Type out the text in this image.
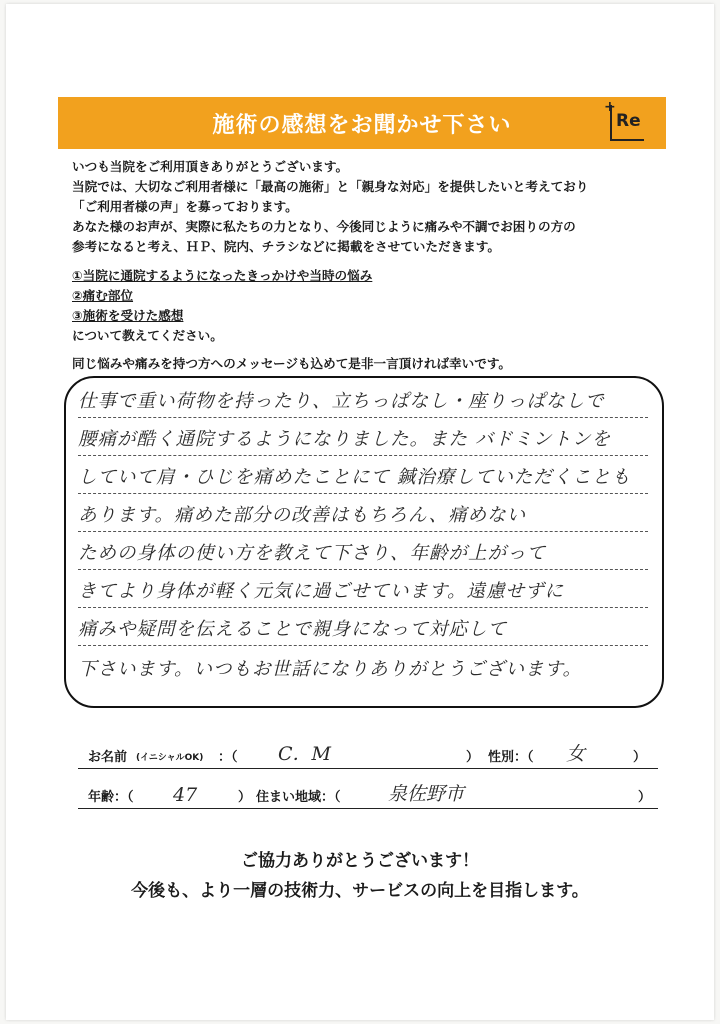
施術の感想をお聞かせ下さい
+
Re
いつも当院をご利用頂きありがとうございます。
当院では、大切なご利用者様に「最高の施術」と「親身な対応」を提供したいと考えており
「ご利用者様の声」を募っております。
あなた様のお声が、実際に私たちの力となり、今後同じように痛みや不調でお困りの方の
参考になると考え、ＨＰ、院内、チラシなどに掲載をさせていただきます。
①当院に通院するようになったきっかけや当時の悩み
②痛む部位
③施術を受けた感想
について教えてください。
同じ悩みや痛みを持つ方へのメッセージも込めて是非一言頂ければ幸いです。
仕事で重い荷物を持ったり、立ちっぱなし・座りっぱなしで
腰痛が酷く通院するようになりました。また バドミントンを
していて肩・ひじを痛めたことにて 鍼治療していただくことも
あります。痛めた部分の改善はもちろん、痛めない
ための身体の使い方を教えて下さり、年齢が上がって
きてより身体が軽く元気に過ごせています。遠慮せずに
痛みや疑問を伝えることで親身になって対応して
下さいます。いつもお世話になりありがとうございます。
お名前 (イニシャルOK) ：（ C．M	） 性別：（ 女	）
年齢：（ 47	） 住まい地域：（ 泉佐野市	）
ご協力ありがとうございます！
今後も、より一層の技術力、サービスの向上を目指します。
